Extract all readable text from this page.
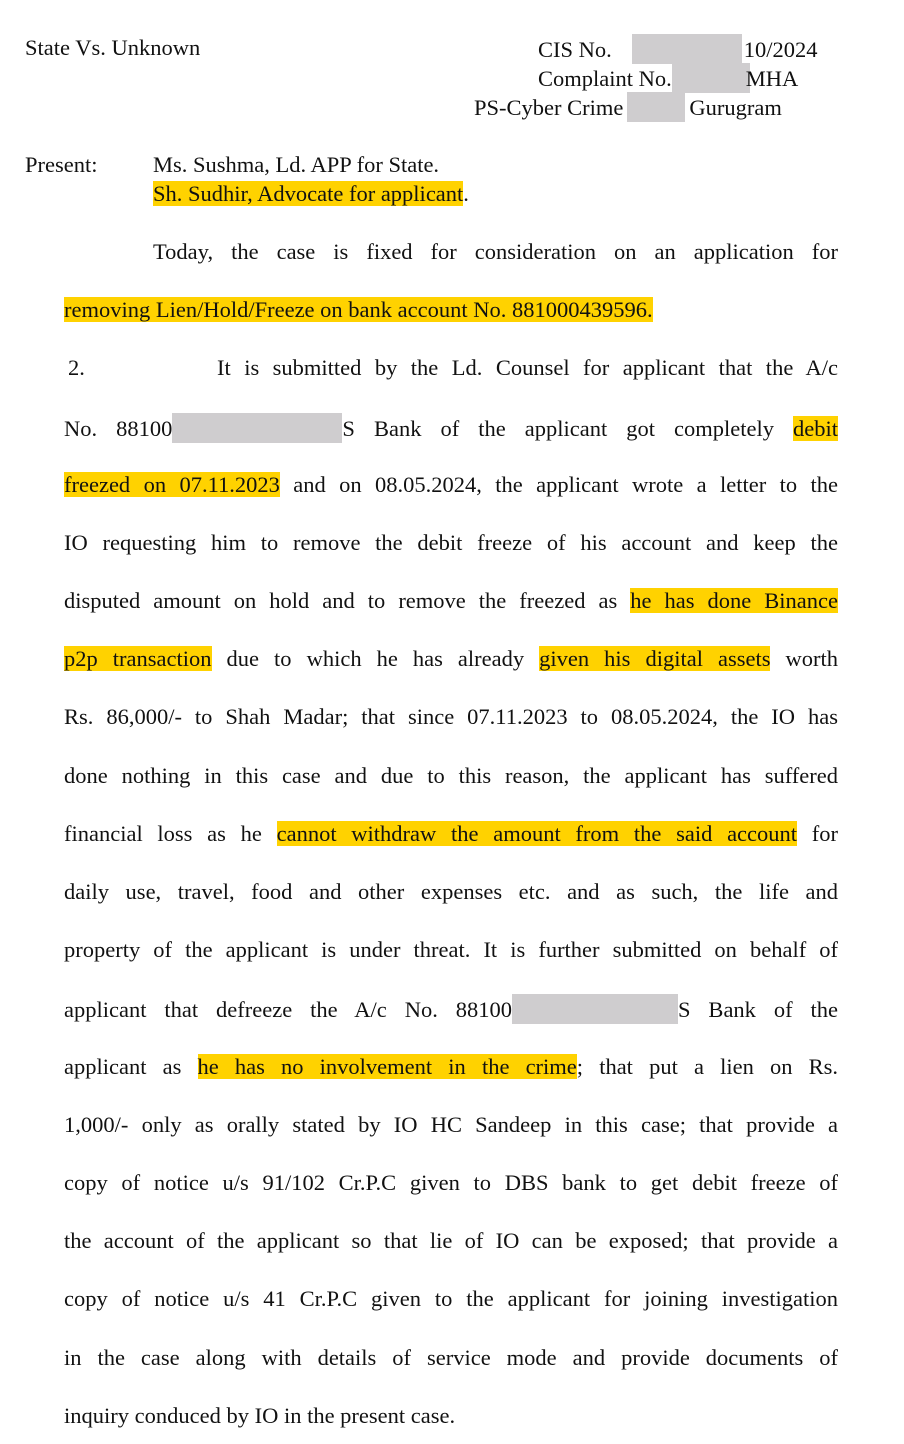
State Vs. Unknown	CIS No.	10/2024
Complaint No.	MHA
PS-Cyber Crime	Gurugram
Present: Ms. Sushma, Ld. APP for State.
Sh. Sudhir, Advocate for applicant.
Today, the case is fixed for consideration on an application for
removing Lien/Hold/Freeze on bank account No. 881000439596.
2.	It is submitted by the Ld. Counsel for applicant that the A/c
No. 88100	S Bank of the applicant got completely debit
freezed on 07.11.2023 and on 08.05.2024, the applicant wrote a letter to the
IO requesting him to remove the debit freeze of his account and keep the
disputed amount on hold and to remove the freezed as he has done Binance
p2p transaction due to which he has already given his digital assets worth
Rs. 86,000/- to Shah Madar; that since 07.11.2023 to 08.05.2024, the IO has
done nothing in this case and due to this reason, the applicant has suffered
financial loss as he cannot withdraw the amount from the said account for
daily use, travel, food and other expenses etc. and as such, the life and
property of the applicant is under threat. It is further submitted on behalf of
applicant that defreeze the A/c No. 88100	S Bank of the
applicant as he has no involvement in the crime; that put a lien on Rs.
1,000/- only as orally stated by IO HC Sandeep in this case; that provide a
copy of notice u/s 91/102 Cr.P.C given to DBS bank to get debit freeze of
the account of the applicant so that lie of IO can be exposed; that provide a
copy of notice u/s 41 Cr.P.C given to the applicant for joining investigation
in the case along with details of service mode and provide documents of
inquiry conduced by IO in the present case.
